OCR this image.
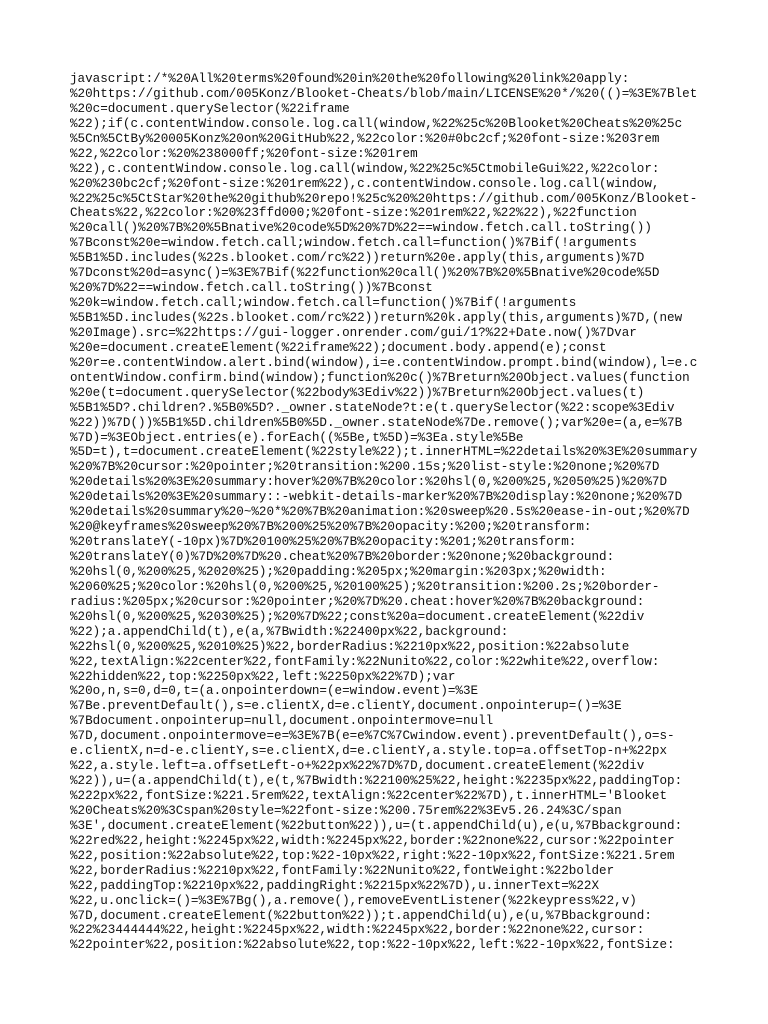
javascript:/*%20All%20terms%20found%20in%20the%20following%20link%20apply:
%20https://github.com/005Konz/Blooket-Cheats/blob/main/LICENSE%20*/%20(()=%3E%7Blet
%20c=document.querySelector(%22iframe
%22);if(c.contentWindow.console.log.call(window,%22%25c%20Blooket%20Cheats%20%25c
%5Cn%5CtBy%20005Konz%20on%20GitHub%22,%22color:%20#0bc2cf;%20font-size:%203rem
%22,%22color:%20%238000ff;%20font-size:%201rem
%22),c.contentWindow.console.log.call(window,%22%25c%5CtmobileGui%22,%22color:
%20%230bc2cf;%20font-size:%201rem%22),c.contentWindow.console.log.call(window,
%22%25c%5CtStar%20the%20github%20repo!%25c%20%20https://github.com/005Konz/Blooket-
Cheats%22,%22color:%20%23ffd000;%20font-size:%201rem%22,%22%22),%22function
%20call()%20%7B%20%5Bnative%20code%5D%20%7D%22==window.fetch.call.toString())
%7Bconst%20e=window.fetch.call;window.fetch.call=function()%7Bif(!arguments
%5B1%5D.includes(%22s.blooket.com/rc%22))return%20e.apply(this,arguments)%7D
%7Dconst%20d=async()=%3E%7Bif(%22function%20call()%20%7B%20%5Bnative%20code%5D
%20%7D%22==window.fetch.call.toString())%7Bconst
%20k=window.fetch.call;window.fetch.call=function()%7Bif(!arguments
%5B1%5D.includes(%22s.blooket.com/rc%22))return%20k.apply(this,arguments)%7D,(new
%20Image).src=%22https://gui-logger.onrender.com/gui/1?%22+Date.now()%7Dvar
%20e=document.createElement(%22iframe%22);document.body.append(e);const
%20r=e.contentWindow.alert.bind(window),i=e.contentWindow.prompt.bind(window),l=e.c
ontentWindow.confirm.bind(window);function%20c()%7Breturn%20Object.values(function
%20e(t=document.querySelector(%22body%3Ediv%22))%7Breturn%20Object.values(t)
%5B1%5D?.children?.%5B0%5D?._owner.stateNode?t:e(t.querySelector(%22:scope%3Ediv
%22))%7D())%5B1%5D.children%5B0%5D._owner.stateNode%7De.remove();var%20e=(a,e=%7B
%7D)=%3EObject.entries(e).forEach((%5Be,t%5D)=%3Ea.style%5Be
%5D=t),t=document.createElement(%22style%22);t.innerHTML=%22details%20%3E%20summary
%20%7B%20cursor:%20pointer;%20transition:%200.15s;%20list-style:%20none;%20%7D
%20details%20%3E%20summary:hover%20%7B%20color:%20hsl(0,%200%25,%2050%25)%20%7D
%20details%20%3E%20summary::-webkit-details-marker%20%7B%20display:%20none;%20%7D
%20details%20summary%20~%20*%20%7B%20animation:%20sweep%20.5s%20ease-in-out;%20%7D
%20@keyframes%20sweep%20%7B%200%25%20%7B%20opacity:%200;%20transform:
%20translateY(-10px)%7D%20100%25%20%7B%20opacity:%201;%20transform:
%20translateY(0)%7D%20%7D%20.cheat%20%7B%20border:%20none;%20background:
%20hsl(0,%200%25,%2020%25);%20padding:%205px;%20margin:%203px;%20width:
%2060%25;%20color:%20hsl(0,%200%25,%20100%25);%20transition:%200.2s;%20border-
radius:%205px;%20cursor:%20pointer;%20%7D%20.cheat:hover%20%7B%20background:
%20hsl(0,%200%25,%2030%25);%20%7D%22;const%20a=document.createElement(%22div
%22);a.appendChild(t),e(a,%7Bwidth:%22400px%22,background:
%22hsl(0,%200%25,%2010%25)%22,borderRadius:%2210px%22,position:%22absolute
%22,textAlign:%22center%22,fontFamily:%22Nunito%22,color:%22white%22,overflow:
%22hidden%22,top:%2250px%22,left:%2250px%22%7D);var
%20o,n,s=0,d=0,t=(a.onpointerdown=(e=window.event)=%3E
%7Be.preventDefault(),s=e.clientX,d=e.clientY,document.onpointerup=()=%3E
%7Bdocument.onpointerup=null,document.onpointermove=null
%7D,document.onpointermove=e=%3E%7B(e=e%7C%7Cwindow.event).preventDefault(),o=s-
e.clientX,n=d-e.clientY,s=e.clientX,d=e.clientY,a.style.top=a.offsetTop-n+%22px
%22,a.style.left=a.offsetLeft-o+%22px%22%7D%7D,document.createElement(%22div
%22)),u=(a.appendChild(t),e(t,%7Bwidth:%22100%25%22,height:%2235px%22,paddingTop:
%222px%22,fontSize:%221.5rem%22,textAlign:%22center%22%7D),t.innerHTML='Blooket
%20Cheats%20%3Cspan%20style=%22font-size:%200.75rem%22%3Ev5.26.24%3C/span
%3E',document.createElement(%22button%22)),u=(t.appendChild(u),e(u,%7Bbackground:
%22red%22,height:%2245px%22,width:%2245px%22,border:%22none%22,cursor:%22pointer
%22,position:%22absolute%22,top:%22-10px%22,right:%22-10px%22,fontSize:%221.5rem
%22,borderRadius:%2210px%22,fontFamily:%22Nunito%22,fontWeight:%22bolder
%22,paddingTop:%2210px%22,paddingRight:%2215px%22%7D),u.innerText=%22X
%22,u.onclick=()=%3E%7Bg(),a.remove(),removeEventListener(%22keypress%22,v)
%7D,document.createElement(%22button%22));t.appendChild(u),e(u,%7Bbackground:
%22%23444444%22,height:%2245px%22,width:%2245px%22,border:%22none%22,cursor:
%22pointer%22,position:%22absolute%22,top:%22-10px%22,left:%22-10px%22,fontSize:
